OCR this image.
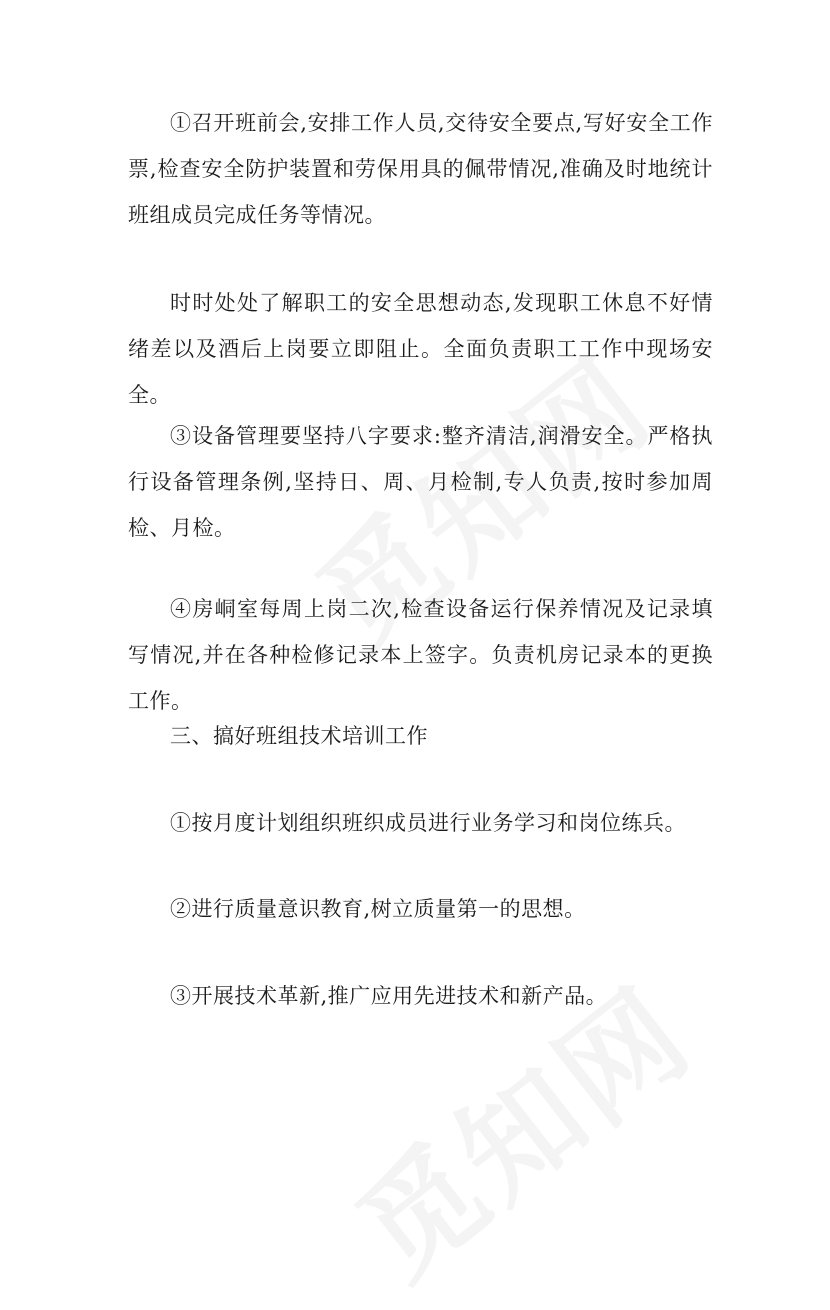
①召开班前会,安排工作人员,交待安全要点,写好安全工作票,检查安全防护装置和劳保用具的佩带情况,准确及时地统计班组成员完成任务等情况。

时时处处了解职工的安全思想动态,发现职工休息不好情绪差以及酒后上岗要立即阻止。全面负责职工工作中现场安全。

③设备管理要坚持八字要求:整齐清洁,润滑安全。严格执行设备管理条例,坚持日、周、月检制,专人负责,按时参加周检、月检。

④房峒室每周上岗二次,检查设备运行保养情况及记录填写情况,并在各种检修记录本上签字。负责机房记录本的更换工作。

三、搞好班组技术培训工作

①按月度计划组织班织成员进行业务学习和岗位练兵。

②进行质量意识教育,树立质量第一的思想。

③开展技术革新,推广应用先进技术和新产品。
